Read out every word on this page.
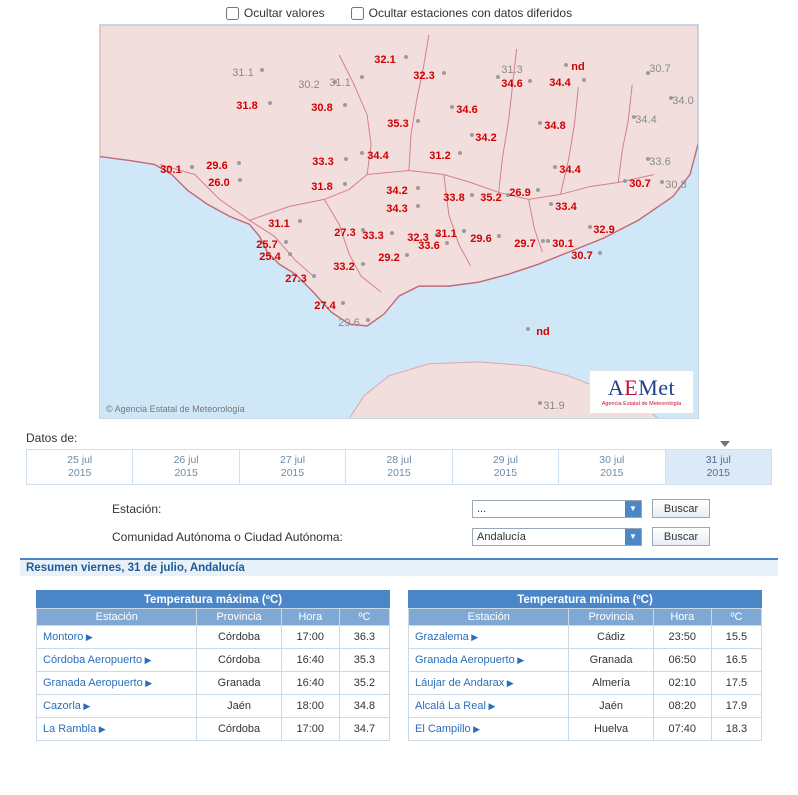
Ocultar valores	Ocultar estaciones con datos diferidos
31.1
30.2 31.1
32.1
32.3	31.3
34.6
nd
34.4
30.7
34.0
31.8	30.8	34.6
34.8	34.4
35.3
34.2
33.3	34.4	31.2	33.6
30.1 29.6
26.0	31.8	34.2
33.8 35.2 26.9
34.4
30.7 30.8
34.3	33.4
31.1
27.3 33.3	32.9
25.7
25.4
33.6
32.3 31.1 29.6 29.7 30.1
30.7
29.2
33.2
27.3
27.4
29.6
nd
31.9
© Agencia Estatal de Meteorología
AEMet
Agencia Estatal de Meteorología
Datos de:
25 jul
2015
26 jul
2015
27 jul
2015
28 jul
2015
29 jul
2015
30 jul
2015
31 jul
2015
Estación:	...	▼	Buscar
Comunidad Autónoma o Ciudad Autónoma:	Andalucía	▼	Buscar
Resumen viernes, 31 de julio, Andalucía
Temperatura máxima (ºC)
Estación	Provincia	Hora	ºC
Montoro ▶	Córdoba	17:00	36.3
Córdoba Aeropuerto ▶	Córdoba	16:40	35.3
Granada Aeropuerto ▶	Granada	16:40	35.2
Cazorla ▶	Jaén	18:00	34.8
La Rambla ▶	Córdoba	17:00	34.7
Temperatura mínima (ºC)
Estación	Provincia	Hora	ºC
Grazalema ▶	Cádiz	23:50	15.5
Granada Aeropuerto ▶	Granada	06:50	16.5
Láujar de Andarax ▶	Almería	02:10	17.5
Alcalá La Real ▶	Jaén	08:20	17.9
El Campillo ▶	Huelva	07:40	18.3
